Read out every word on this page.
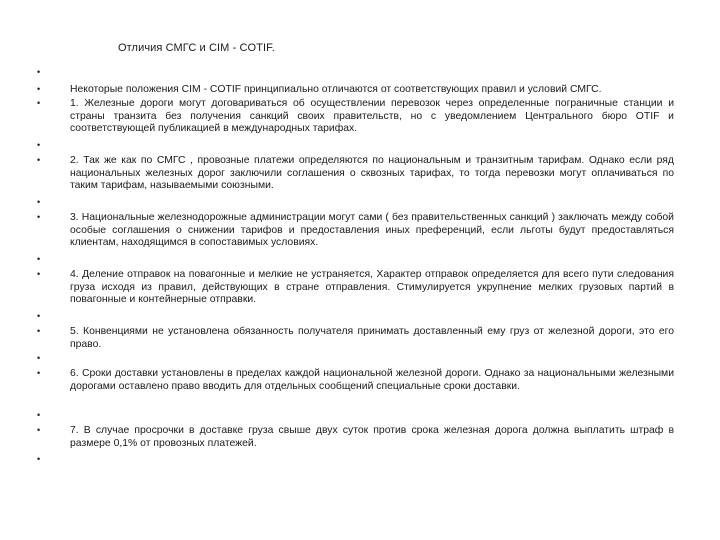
Отличия СМГС и CIM - COTIF.
•
•
•
•
•
•
•
•
•
•
•
•
•
•
•
•
Некоторые положения CIM - COTIF принципиально отличаются от соответствующих правил и условий СМГС.
1. Железные дороги могут договариваться об осуществлении перевозок через определенные пограничные станции и страны транзита без получения санкций своих правительств, но с уведомлением Центрального бюро OTIF и соответствующей публикацией в международных тарифах.
2. Так же как по СМГС , провозные платежи определяются по национальным и транзитным тарифам. Однако если ряд национальных железных дорог заключили соглашения о сквозных тарифах, то тогда перевозки могут оплачиваться по таким тарифам, называемыми союзными.
3. Национальные железнодорожные администрации могут сами ( без правительственных санкций ) заключать между собой особые соглашения о снижении тарифов и предоставления иных преференций, если льготы будут предоставляться клиентам, находящимся в сопоставимых условиях.
4. Деление отправок на повагонные и мелкие не устраняется, Характер отправок определяется для всего пути следования груза исходя из правил, действующих в стране отправления. Стимулируется укрупнение мелких грузовых партий в повагонные и контейнерные отправки.
5. Конвенциями не установлена обязанность получателя принимать доставленный ему груз от железной дороги, это его право.
6. Сроки доставки установлены в пределах каждой национальной железной дороги. Однако за национальными железными дорогами оставлено право вводить для отдельных сообщений специальные сроки доставки.
7. В случае просрочки в доставке груза свыше двух суток против срока железная дорога должна выплатить штраф в размере 0,1% от провозных платежей.
